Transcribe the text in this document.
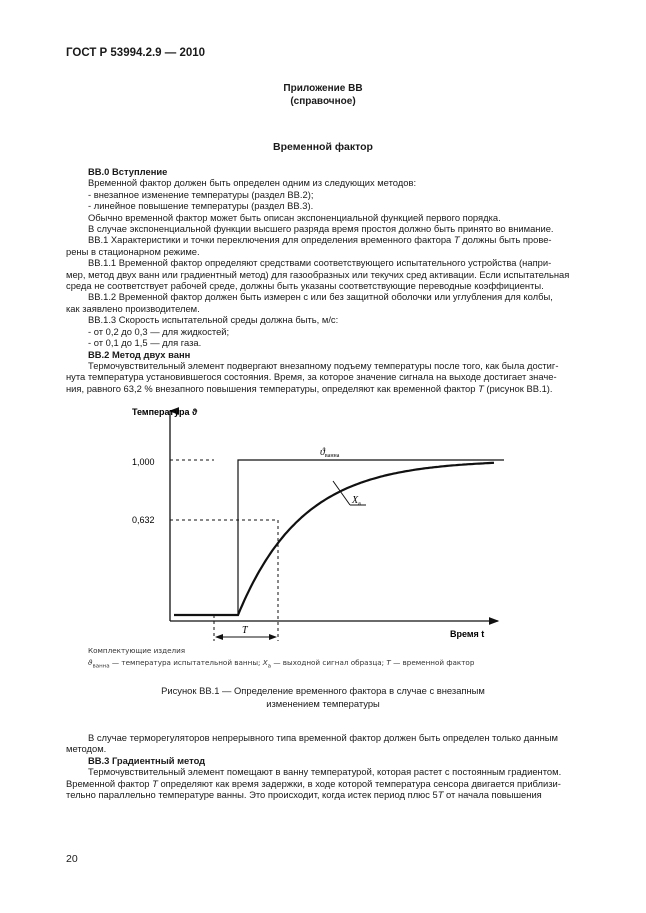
ГОСТ Р 53994.2.9 — 2010
Приложение ВВ
(справочное)
Временной фактор

ВВ.0 Вступление

Временной фактор должен быть определен одним из следующих методов:

- внезапное изменение температуры (раздел ВВ.2);

- линейное повышение температуры (раздел ВВ.3).

Обычно временной фактор может быть описан экспоненциальной функцией первого порядка.

В случае экспоненциальной функции высшего разряда время простоя должно быть принято во внимание.

ВВ.1 Характеристики и точки переключения для определения временного фактора T должны быть прове-

рены в стационарном режиме.

ВВ.1.1 Временной фактор определяют средствами соответствующего испытательного устройства (напри-

мер, метод двух ванн или градиентный метод) для газообразных или текучих сред активации. Если испытательная

среда не соответствует рабочей среде, должны быть указаны соответствующие переводные коэффициенты.

ВВ.1.2 Временной фактор должен быть измерен с или без защитной оболочки или углубления для колбы,

как заявлено производителем.

ВВ.1.3 Скорость испытательной среды должна быть, м/с:

- от 0,2 до 0,3 — для жидкостей;

- от 0,1 до 1,5 — для газа.

ВВ.2 Метод двух ванн

Термочувствительный элемент подвергают внезапному подъему температуры после того, как была достиг-

нута температура установившегося состояния. Время, за которое значение сигнала на выходе достигает значе-

ния, равного 63,2 % внезапного повышения температуры, определяют как временной фактор T (рисунок ВВ.1).

Температура ϑ
Время t
1,000
0,632
$ϑ_{ванна}$
$X_а$
T
Комплектующие изделия
$ϑ_{ванна}$ — температура испытательной ванны; $X_а$ — выходной сигнал образца; T — временной фактор
Рисунок ВВ.1 — Определение временного фактора в случае с внезапным
изменением температуры

В случае терморегуляторов непрерывного типа временной фактор должен быть определен только данным

методом.

ВВ.3 Градиентный метод

Термочувствительный элемент помещают в ванну температурой, которая растет с постоянным градиентом.

Временной фактор T определяют как время задержки, в ходе которой температура сенсора двигается приблизи-

тельно параллельно температуре ванны. Это происходит, когда истек период плюс 5T от начала повышения

20
